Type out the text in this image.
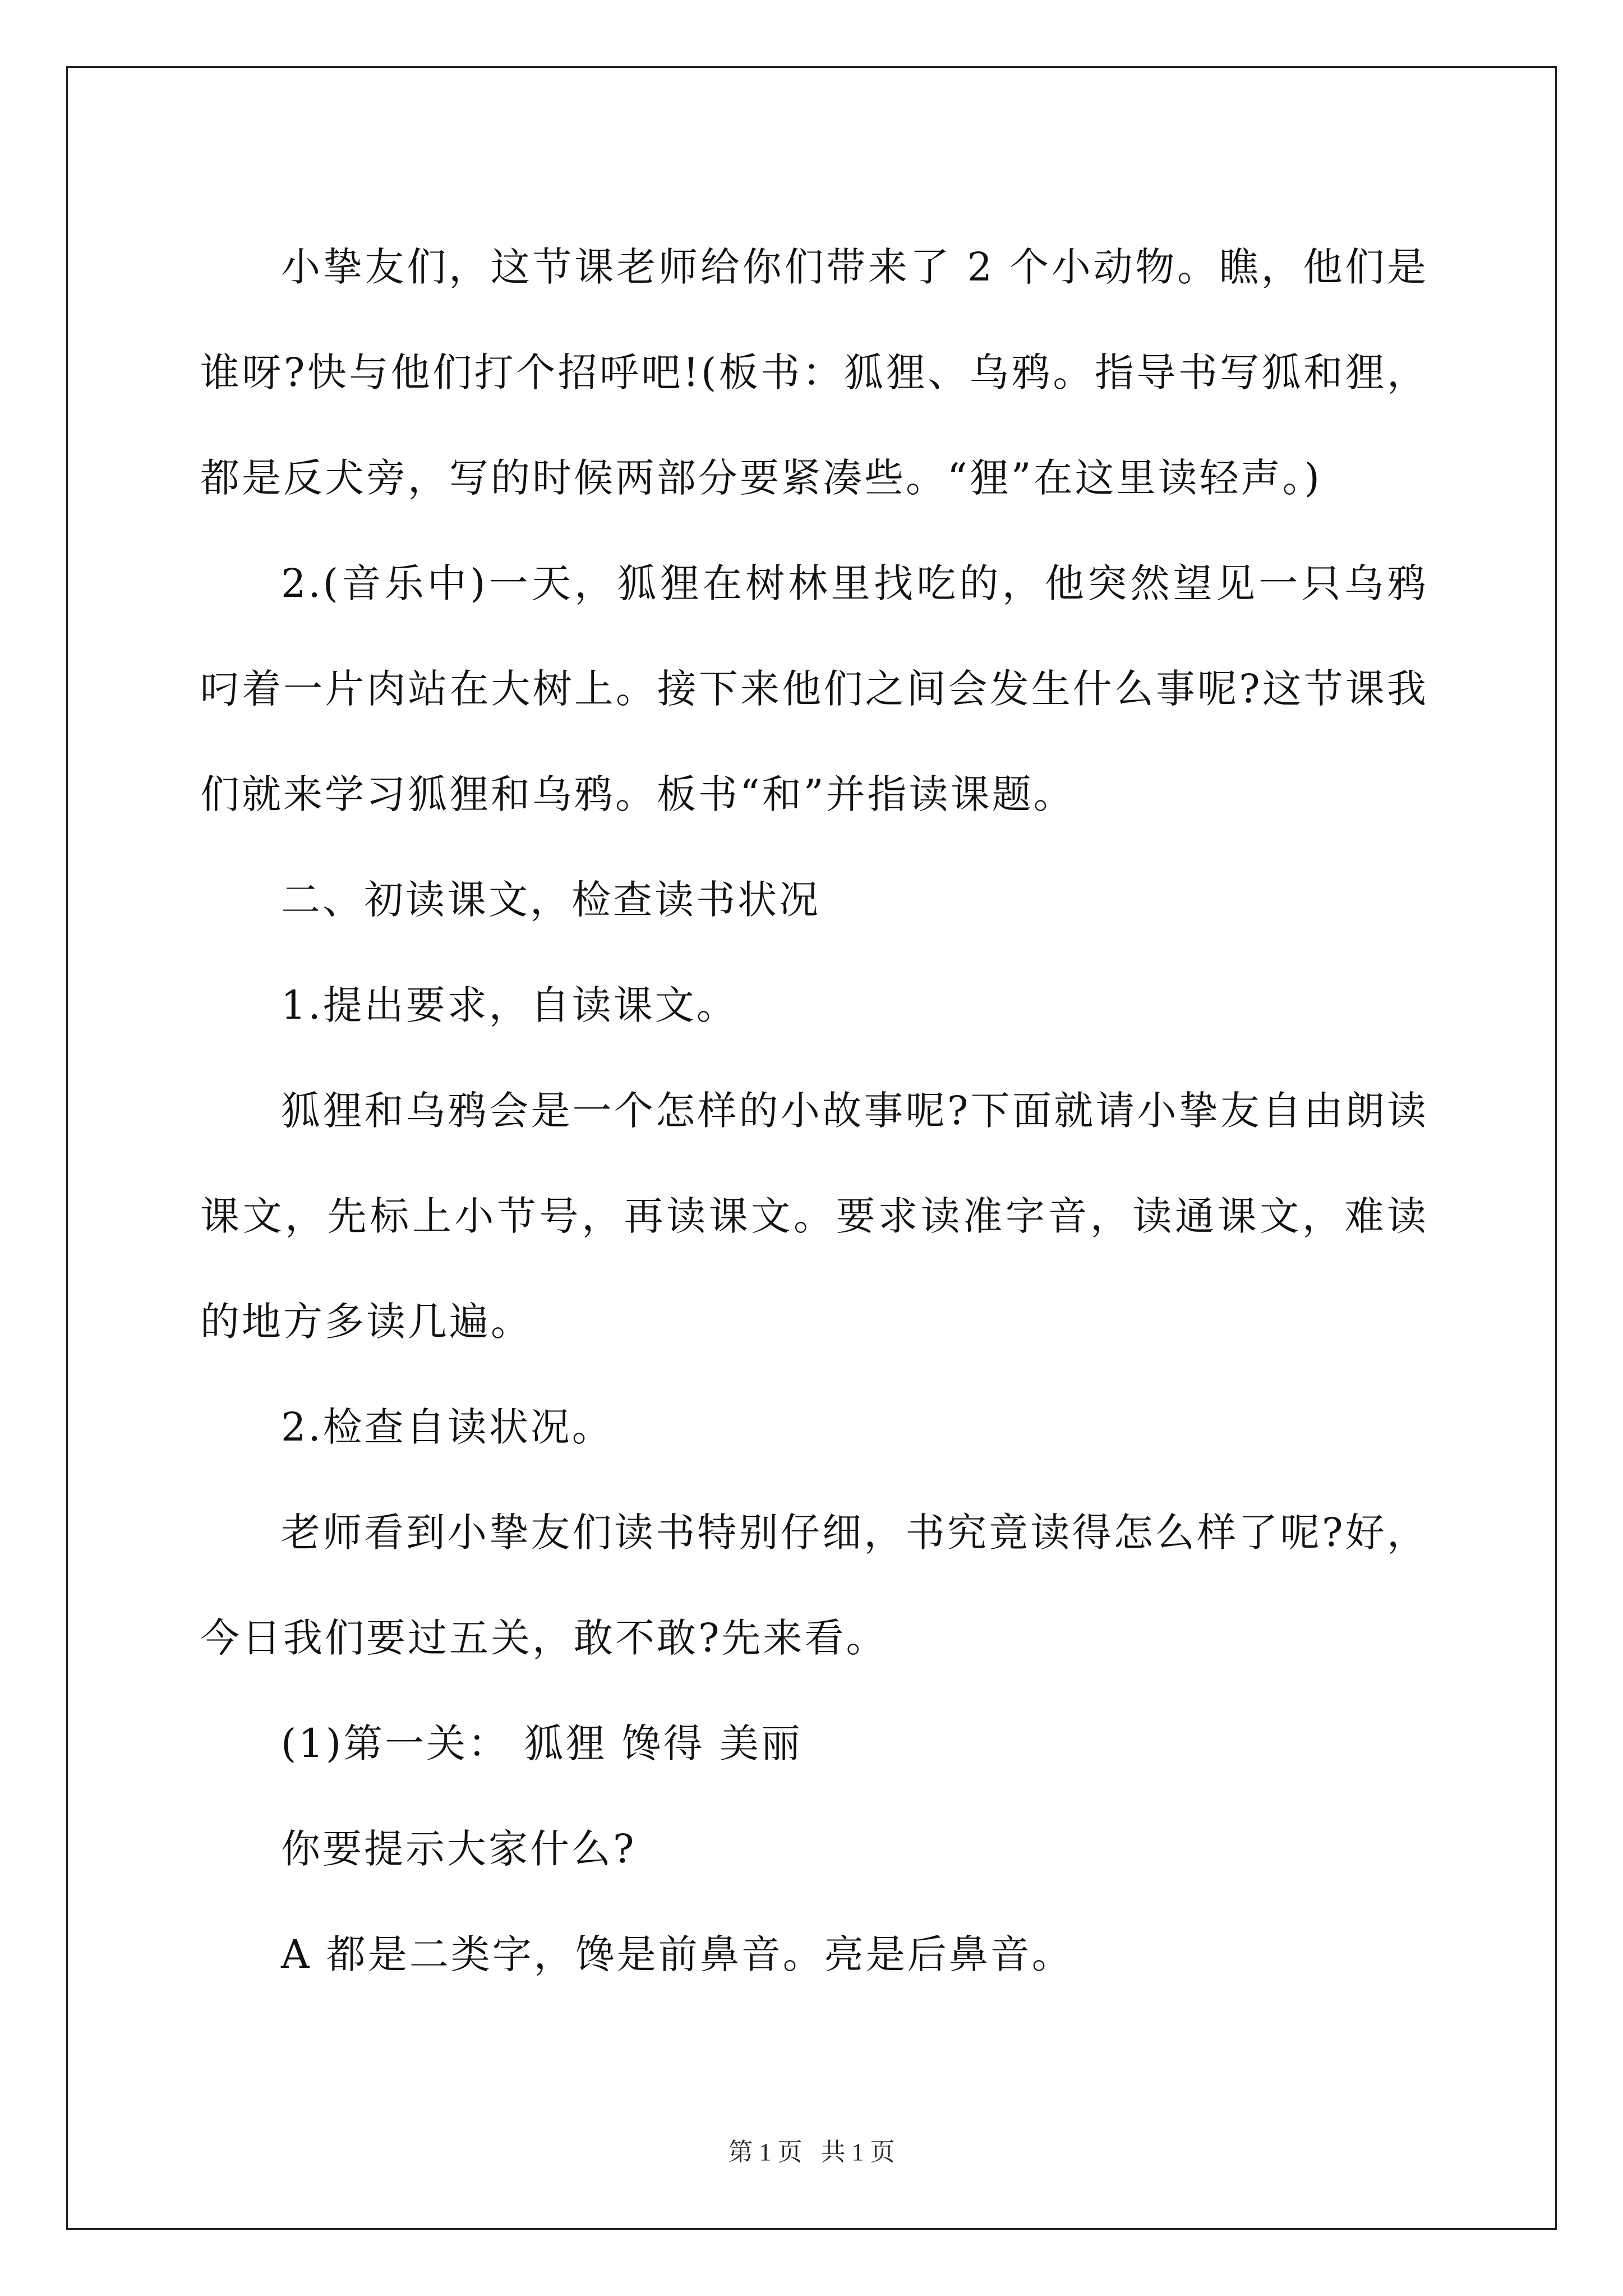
小挚友们，这节课老师给你们带来了 2 个小动物。瞧，他们是谁呀?快与他们打个招呼吧!(板书：狐狸、乌鸦。指导书写狐和狸，都是反犬旁，写的时候两部分要紧凑些。“狸”在这里读轻声。)

2.(音乐中)一天，狐狸在树林里找吃的，他突然望见一只乌鸦叼着一片肉站在大树上。接下来他们之间会发生什么事呢?这节课我们就来学习狐狸和乌鸦。板书“和”并指读课题。

二、初读课文，检查读书状况

1.提出要求，自读课文。

狐狸和乌鸦会是一个怎样的小故事呢?下面就请小挚友自由朗读课文，先标上小节号，再读课文。要求读准字音，读通课文，难读的地方多读几遍。

2.检查自读状况。

老师看到小挚友们读书特别仔细，书究竟读得怎么样了呢?好，今日我们要过五关，敢不敢?先来看。

(1)第一关： 狐狸 馋得 美丽

你要提示大家什么?

A 都是二类字，馋是前鼻音。亮是后鼻音。

第 1 页   共 1 页
